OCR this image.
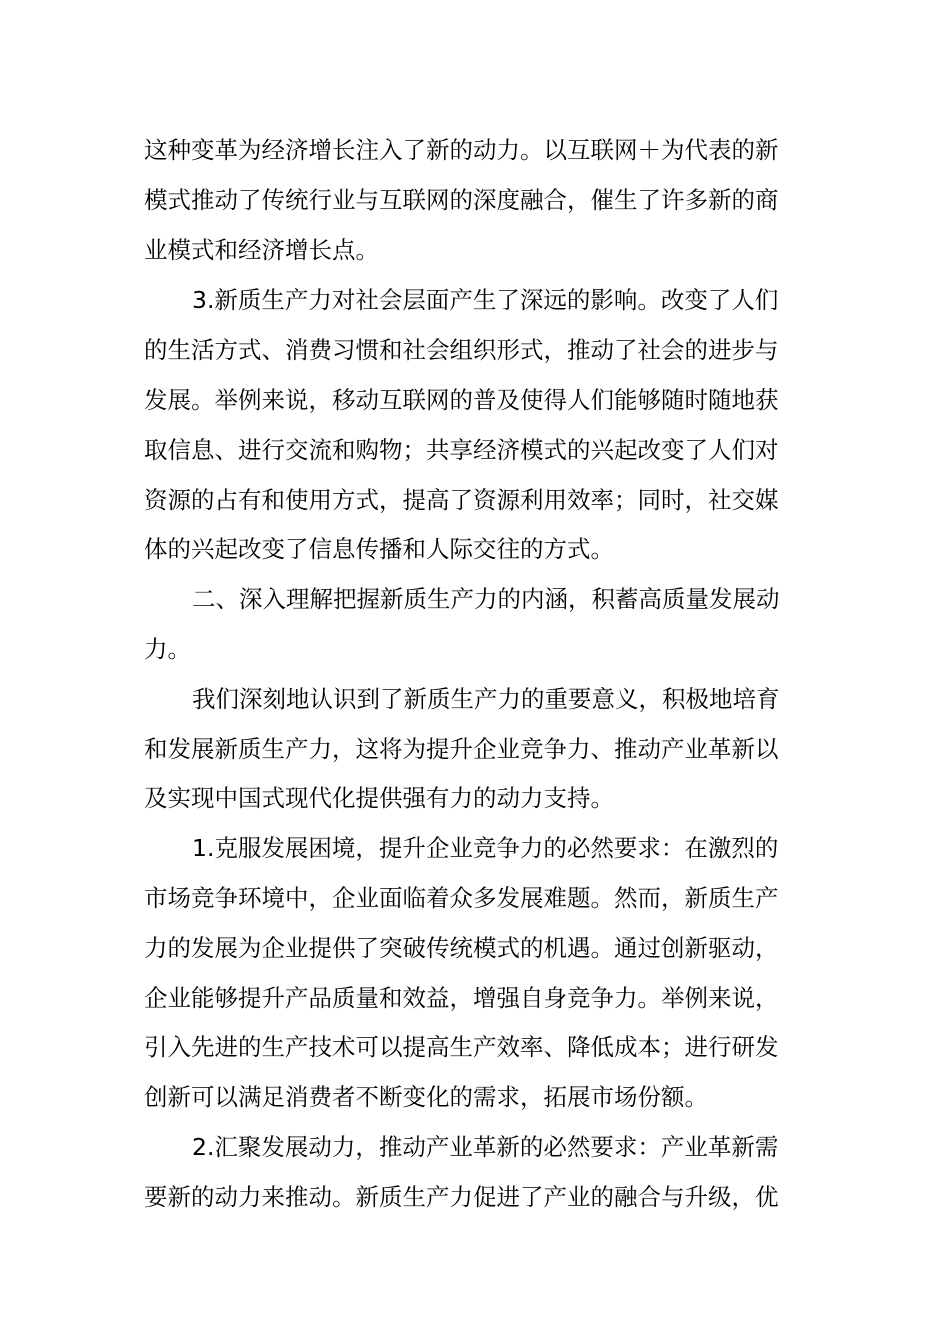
这种变革为经济增长注入了新的动力。以互联网＋为代表的新
模式推动了传统行业与互联网的深度融合，催生了许多新的商
业模式和经济增长点。
3.新质生产力对社会层面产生了深远的影响。改变了人们
的生活方式、消费习惯和社会组织形式，推动了社会的进步与
发展。举例来说，移动互联网的普及使得人们能够随时随地获
取信息、进行交流和购物；共享经济模式的兴起改变了人们对
资源的占有和使用方式，提高了资源利用效率；同时，社交媒
体的兴起改变了信息传播和人际交往的方式。
二、深入理解把握新质生产力的内涵，积蓄高质量发展动
力。
我们深刻地认识到了新质生产力的重要意义，积极地培育
和发展新质生产力，这将为提升企业竞争力、推动产业革新以
及实现中国式现代化提供强有力的动力支持。
1.克服发展困境，提升企业竞争力的必然要求：在激烈的
市场竞争环境中，企业面临着众多发展难题。然而，新质生产
力的发展为企业提供了突破传统模式的机遇。通过创新驱动，
企业能够提升产品质量和效益，增强自身竞争力。举例来说，
引入先进的生产技术可以提高生产效率、降低成本；进行研发
创新可以满足消费者不断变化的需求，拓展市场份额。
2.汇聚发展动力，推动产业革新的必然要求：产业革新需
要新的动力来推动。新质生产力促进了产业的融合与升级，优
